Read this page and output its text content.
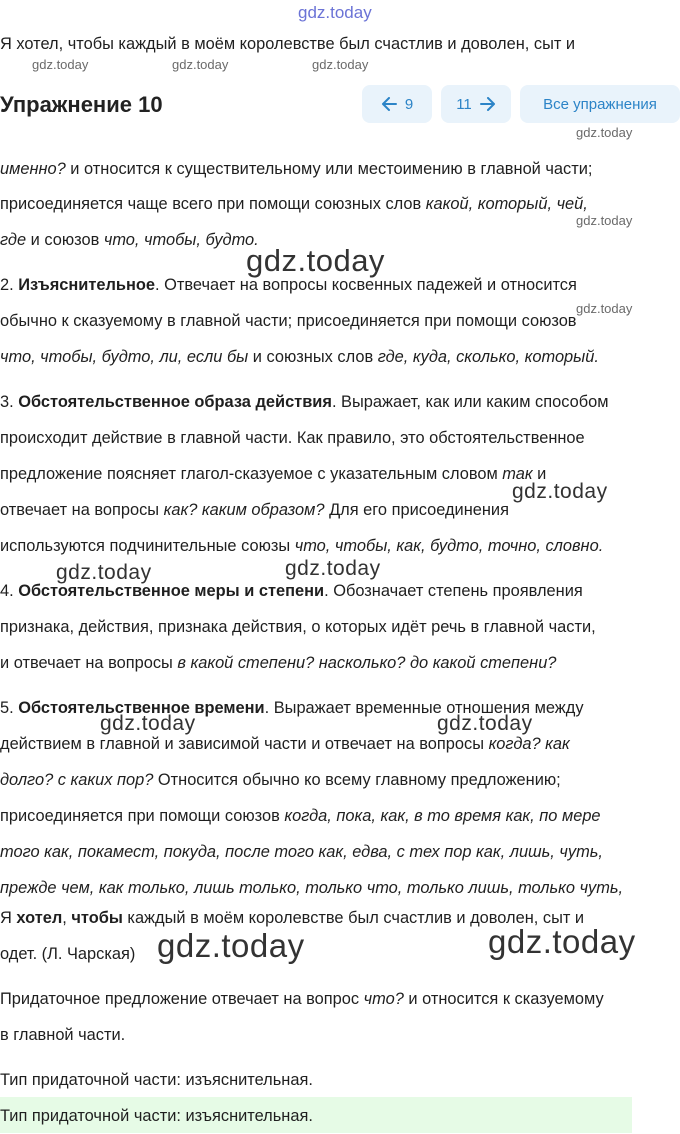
gdz.today
gdz.today	gdz.today	gdz.today
gdz.today
gdz.today
gdz.today
gdz.today
gdz.today
gdz.today	gdz.today
gdz.today	gdz.today
gdz.today	gdz.today
Я хотел, чтобы каждый в моём королевстве был счастлив и доволен, сыт и
Упражнение 10	9	11	Все упражнения
именно? и относится к существительному или местоимению в главной части;
присоединяется чаще всего при помощи союзных слов какой, который, чей,
где и союзов что, чтобы, будто.
2. Изъяснительное. Отвечает на вопросы косвенных падежей и относится
обычно к сказуемому в главной части; присоединяется при помощи союзов
что, чтобы, будто, ли, если бы и союзных слов где, куда, сколько, который.
3. Обстоятельственное образа действия. Выражает, как или каким способом
происходит действие в главной части. Как правило, это обстоятельственное
предложение поясняет глагол-сказуемое с указательным словом так и
отвечает на вопросы как? каким образом? Для его присоединения
используются подчинительные союзы что, чтобы, как, будто, точно, словно.
4. Обстоятельственное меры и степени. Обозначает степень проявления
признака, действия, признака действия, о которых идёт речь в главной части,
и отвечает на вопросы в какой степени? насколько? до какой степени?
5. Обстоятельственное времени. Выражает временные отношения между
действием в главной и зависимой части и отвечает на вопросы когда? как
долго? с каких пор? Относится обычно ко всему главному предложению;
присоединяется при помощи союзов когда, пока, как, в то время как, по мере
того как, покамест, покуда, после того как, едва, с тех пор как, лишь, чуть,
прежде чем, как только, лишь только, только что, только лишь, только чуть,
Я хотел, чтобы каждый в моём королевстве был счастлив и доволен, сыт и
одет. (Л. Чарская)
Придаточное предложение отвечает на вопрос что? и относится к сказуемому
в главной части.
Тип придаточной части: изъяснительная.
Тип придаточной части: изъяснительная.
